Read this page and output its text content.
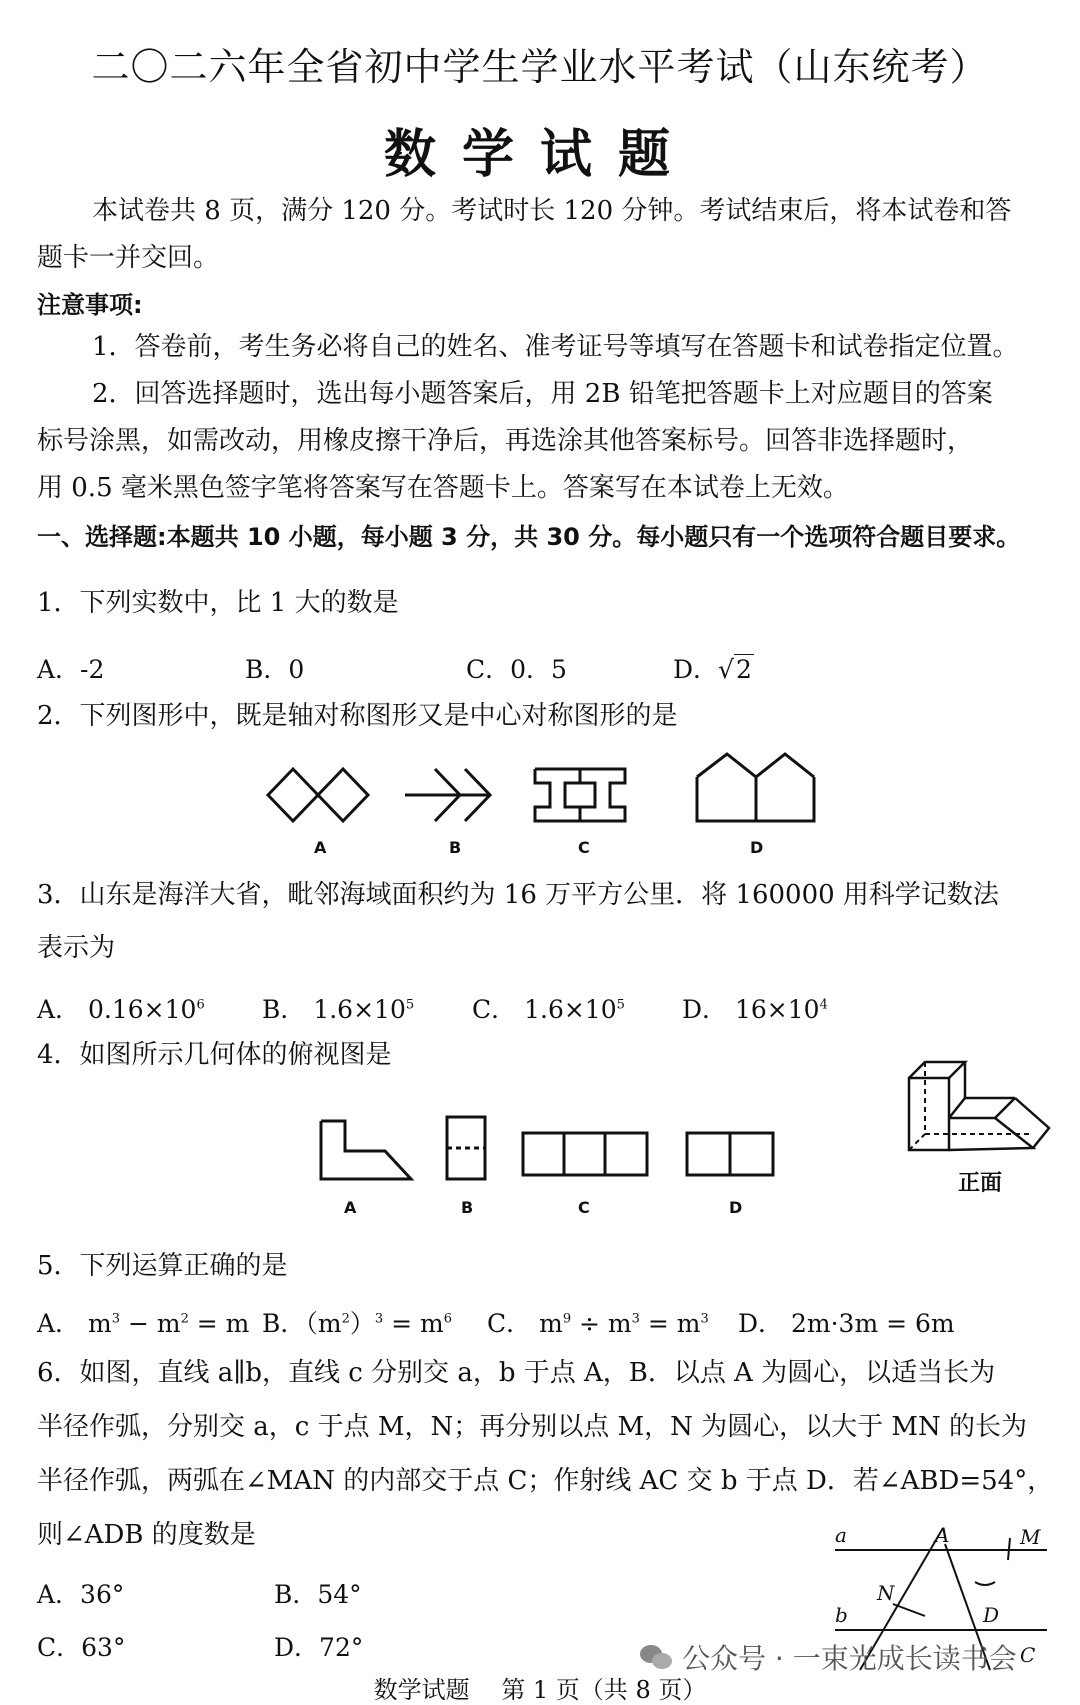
二〇二六年全省初中学生学业水平考试（山东统考）
数学试题
本试卷共 8 页，满分 120 分。考试时长 120 分钟。考试结束后，将本试卷和答
题卡一并交回。
注意事项:
1．答卷前，考生务必将自己的姓名、准考证号等填写在答题卡和试卷指定位置。
2．回答选择题时，选出每小题答案后，用 2B 铅笔把答题卡上对应题目的答案
标号涂黑，如需改动，用橡皮擦干净后，再选涂其他答案标号。回答非选择题时，
用 0.5 毫米黑色签字笔将答案写在答题卡上。答案写在本试卷上无效。
一、选择题:本题共 10 小题，每小题 3 分，共 30 分。每小题只有一个选项符合题目要求。
1．下列实数中，比 1 大的数是
A．-2	B．0	C．0．5	D．√2
2．下列图形中，既是轴对称图形又是中心对称图形的是
A	B	C	D
3．山东是海洋大省，毗邻海域面积约为 16 万平方公里．将 160000 用科学记数法
表示为
A． $0.16\times 10^6$ B． $1.6\times 10^5$ C． $1.6\times 10^5$ D． $16\times 10^4$
4．如图所示几何体的俯视图是
A	B	C	D
正面
5．下列运算正确的是
A． $m^3 - m^2 = m$ B．$(m^2)^3 = m^6$ C． $m^9 \div m^3 = m^3$ D． 2m·3m = 6m
6．如图，直线 a∥b，直线 c 分别交 a，b 于点 A，B．以点 A 为圆心，以适当长为
半径作弧，分别交 a，c 于点 M，N；再分别以点 M，N 为圆心，以大于 MN 的长为
半径作弧，两弧在∠MAN 的内部交于点 C；作射线 AC 交 b 于点 D．若∠ABD=54°，
则∠ADB 的度数是
A．36°	B．54°
C．63°	D．72°
a	A	M
N
b	D
C
公众号 · 一束光成长读书会
数学试题　 第 1 页（共 8 页）
